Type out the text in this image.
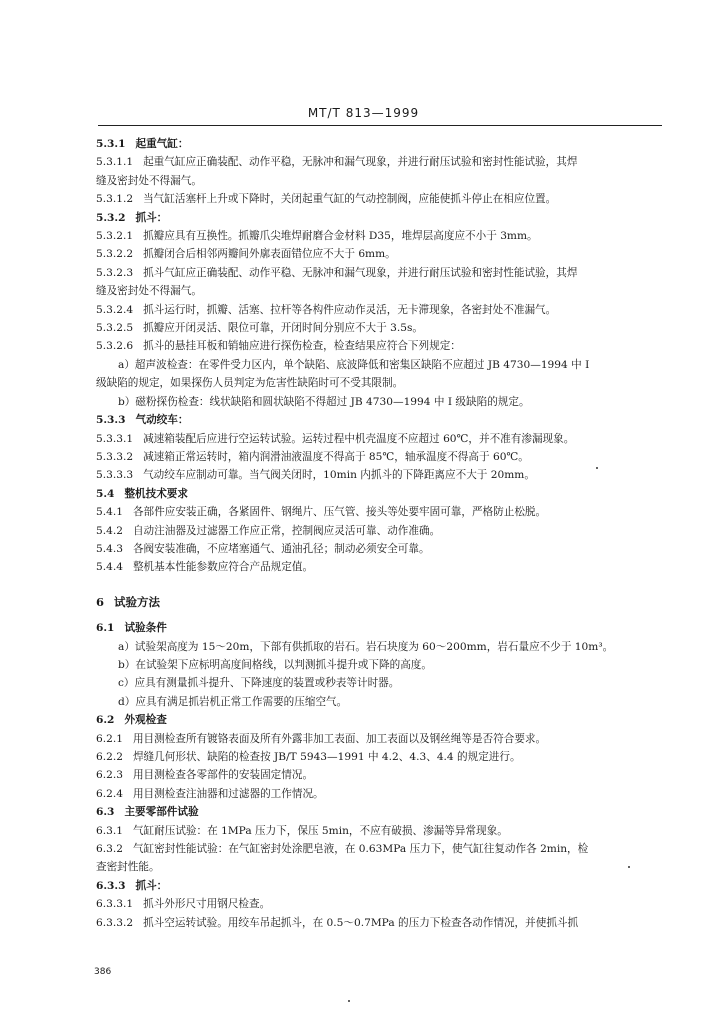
MT/T 813—1999
5.3.1 起重气缸：
5.3.1.1 起重气缸应正确装配、动作平稳，无脉冲和漏气现象，并进行耐压试验和密封性能试验，其焊
缝及密封处不得漏气。
5.3.1.2 当气缸活塞杆上升或下降时，关闭起重气缸的气动控制阀，应能使抓斗停止在相应位置。
5.3.2 抓斗：
5.3.2.1 抓瓣应具有互换性。抓瓣爪尖堆焊耐磨合金材料 D35，堆焊层高度应不小于 3mm。
5.3.2.2 抓瓣闭合后相邻两瓣间外廓表面错位应不大于 6mm。
5.3.2.3 抓斗气缸应正确装配、动作平稳、无脉冲和漏气现象，并进行耐压试验和密封性能试验，其焊
缝及密封处不得漏气。
5.3.2.4 抓斗运行时，抓瓣、活塞、拉杆等各构件应动作灵活，无卡滞现象，各密封处不准漏气。
5.3.2.5 抓瓣应开闭灵活、限位可靠，开闭时间分别应不大于 3.5s。
5.3.2.6 抓斗的悬挂耳板和销轴应进行探伤检查，检查结果应符合下列规定：
a）超声波检查：在零件受力区内，单个缺陷、底波降低和密集区缺陷不应超过 JB 4730—1994 中 I
级缺陷的规定，如果探伤人员判定为危害性缺陷时可不受其限制。
b）磁粉探伤检查：线状缺陷和圆状缺陷不得超过 JB 4730—1994 中 I 级缺陷的规定。
5.3.3 气动绞车：
5.3.3.1 减速箱装配后应进行空运转试验。运转过程中机壳温度不应超过 60℃，并不准有渗漏现象。
5.3.3.2 减速箱正常运转时，箱内润滑油液温度不得高于 85℃，轴承温度不得高于 60℃。
5.3.3.3 气动绞车应制动可靠。当气阀关闭时，10min 内抓斗的下降距离应不大于 20mm。
5.4 整机技术要求
5.4.1 各部件应安装正确，各紧固件、钢绳片、压气管、接头等处要牢固可靠，严格防止松脱。
5.4.2 自动注油器及过滤器工作应正常，控制阀应灵活可靠、动作准确。
5.4.3 各阀安装准确，不应堵塞通气、通油孔径；制动必须安全可靠。
5.4.4 整机基本性能参数应符合产品规定值。
6 试验方法
6.1 试验条件
a）试验架高度为 15～20m，下部有供抓取的岩石。岩石块度为 60～200mm，岩石量应不少于 10m³。
b）在试验架下应标明高度间格线，以判测抓斗提升或下降的高度。
c）应具有测量抓斗提升、下降速度的装置或秒表等计时器。
d）应具有满足抓岩机正常工作需要的压缩空气。
6.2 外观检查
6.2.1 用目测检查所有镀铬表面及所有外露非加工表面、加工表面以及钢丝绳等是否符合要求。
6.2.2 焊缝几何形状、缺陷的检查按 JB/T 5943—1991 中 4.2、4.3、4.4 的规定进行。
6.2.3 用目测检查各零部件的安装固定情况。
6.2.4 用目测检查注油器和过滤器的工作情况。
6.3 主要零部件试验
6.3.1 气缸耐压试验：在 1MPa 压力下，保压 5min，不应有破损、渗漏等异常现象。
6.3.2 气缸密封性能试验：在气缸密封处涂肥皂液，在 0.63MPa 压力下，使气缸往复动作各 2min，检
查密封性能。
6.3.3 抓斗：
6.3.3.1 抓斗外形尺寸用钢尺检查。
6.3.3.2 抓斗空运转试验。用绞车吊起抓斗，在 0.5～0.7MPa 的压力下检查各动作情况，并使抓斗抓
386
